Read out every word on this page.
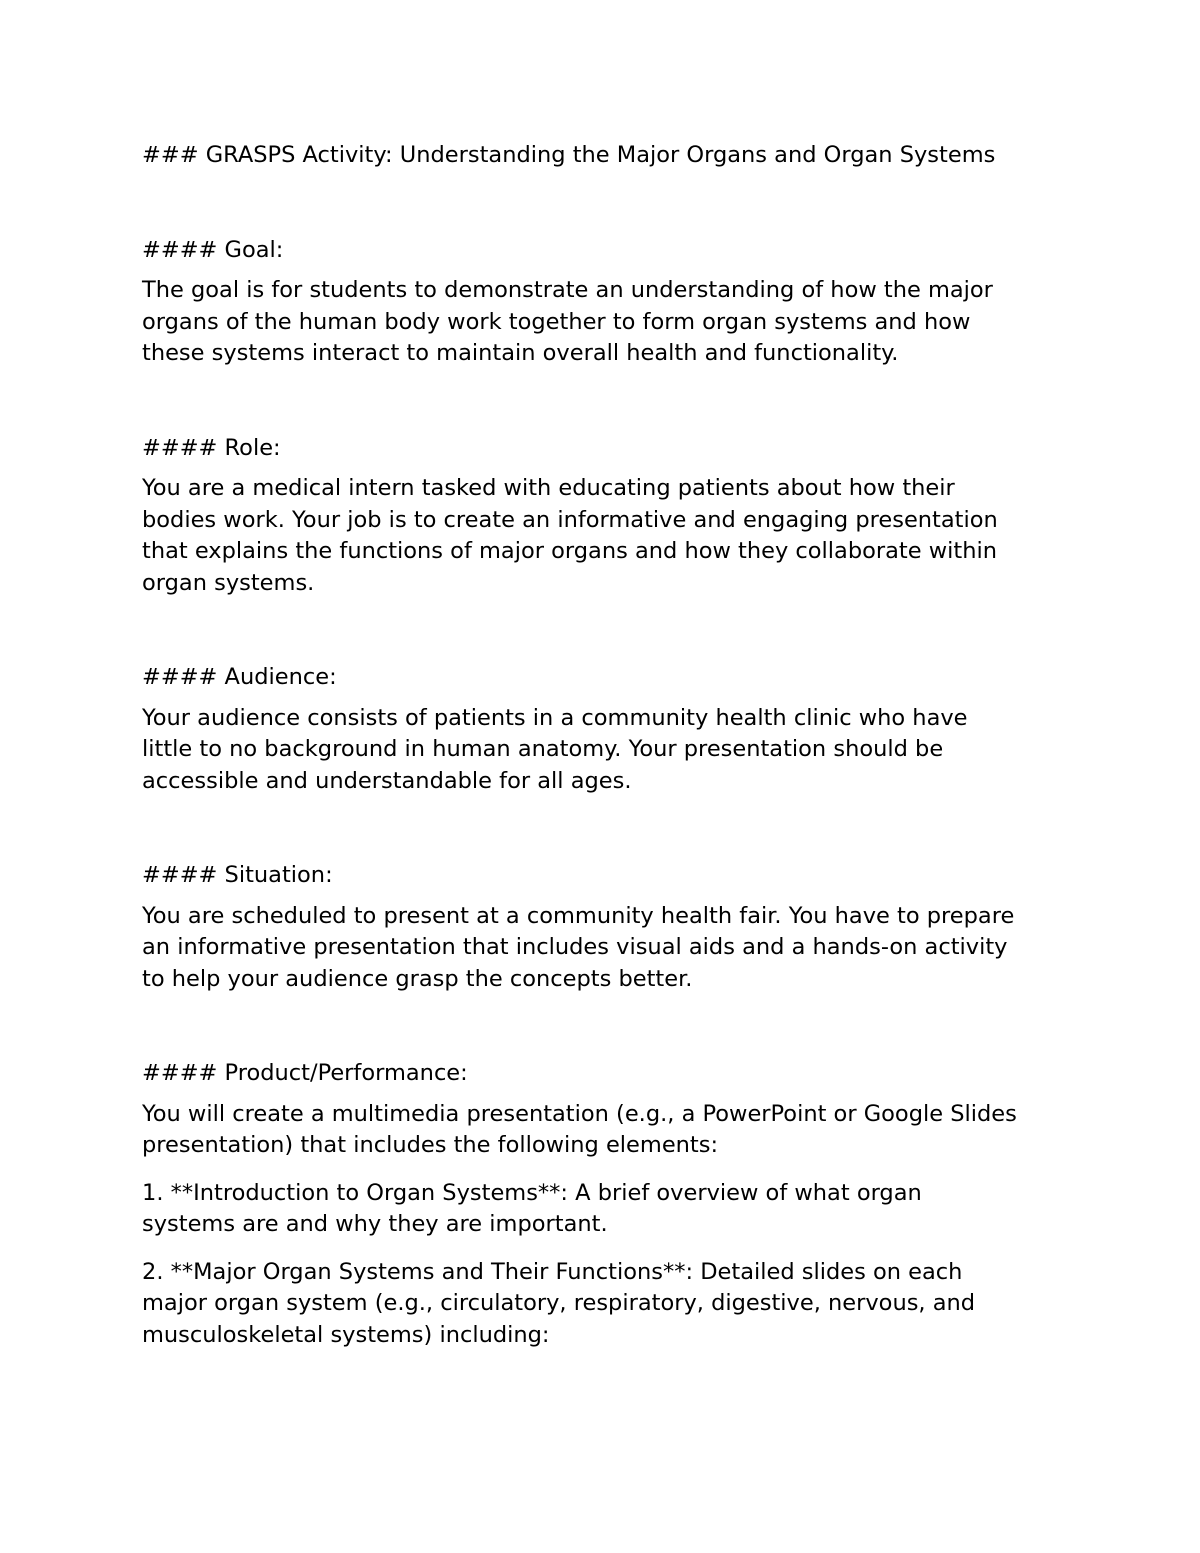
### GRASPS Activity: Understanding the Major Organs and Organ Systems

#### Goal:

The goal is for students to demonstrate an understanding of how the major

organs of the human body work together to form organ systems and how

these systems interact to maintain overall health and functionality.

#### Role:

You are a medical intern tasked with educating patients about how their

bodies work. Your job is to create an informative and engaging presentation

that explains the functions of major organs and how they collaborate within

organ systems.

#### Audience:

Your audience consists of patients in a community health clinic who have

little to no background in human anatomy. Your presentation should be

accessible and understandable for all ages.

#### Situation:

You are scheduled to present at a community health fair. You have to prepare

an informative presentation that includes visual aids and a hands-on activity

to help your audience grasp the concepts better.

#### Product/Performance:

You will create a multimedia presentation (e.g., a PowerPoint or Google Slides

presentation) that includes the following elements:

1. **Introduction to Organ Systems**: A brief overview of what organ

systems are and why they are important.

2. **Major Organ Systems and Their Functions**: Detailed slides on each

major organ system (e.g., circulatory, respiratory, digestive, nervous, and

musculoskeletal systems) including:
